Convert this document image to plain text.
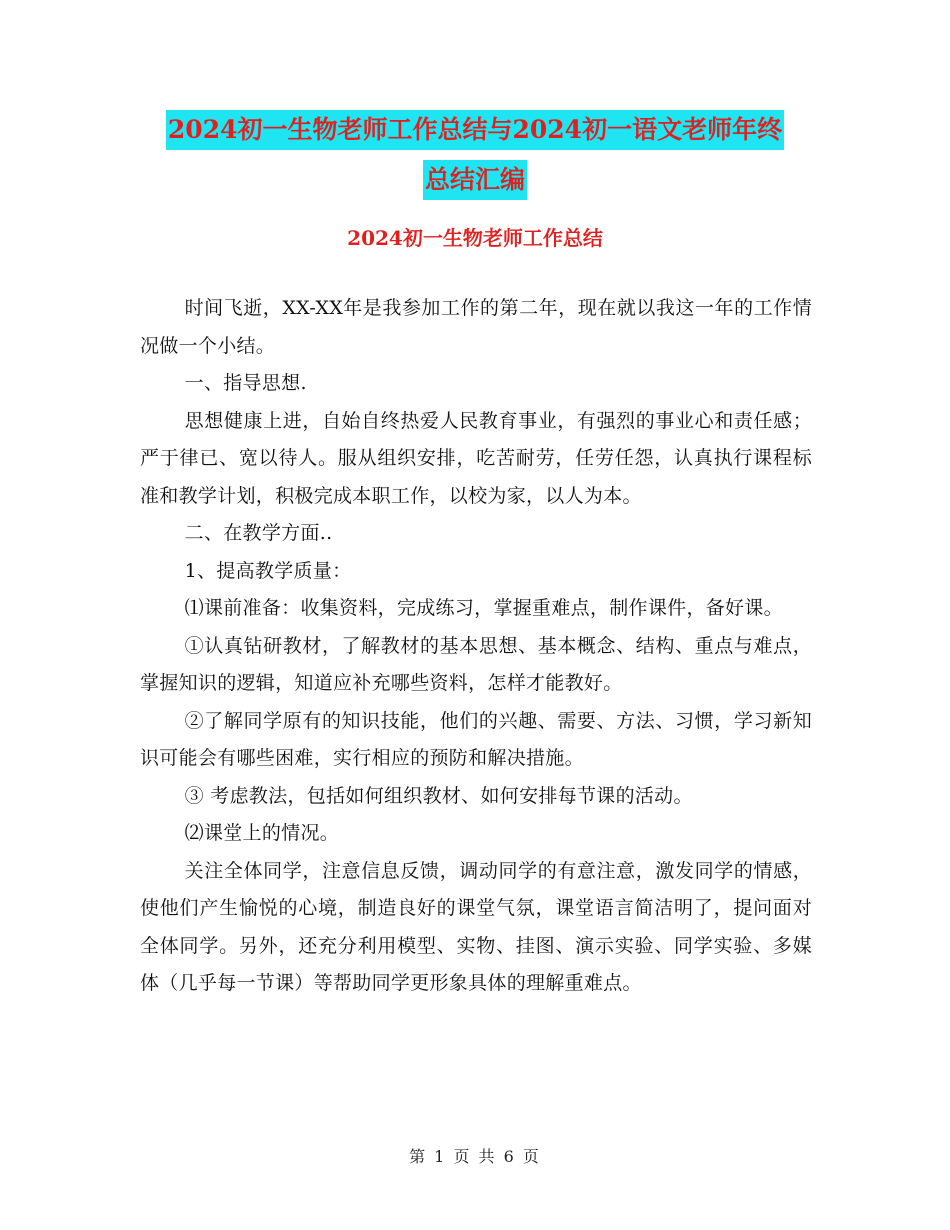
2024初一生物老师工作总结与2024初一语文老师年终
总结汇编
2024初一生物老师工作总结

时间飞逝，XX-XX年是我参加工作的第二年，现在就以我这一年的工作情况做一个小结。

一、指导思想.

思想健康上进，自始自终热爱人民教育事业，有强烈的事业心和责任感；严于律已、宽以待人。服从组织安排，吃苦耐劳，任劳任怨，认真执行课程标准和教学计划，积极完成本职工作，以校为家，以人为本。

二、在教学方面..

1、提高教学质量：

⑴课前准备：收集资料，完成练习，掌握重难点，制作课件，备好课。

①认真钻研教材，了解教材的基本思想、基本概念、结构、重点与难点，掌握知识的逻辑，知道应补充哪些资料，怎样才能教好。

②了解同学原有的知识技能，他们的兴趣、需要、方法、习惯，学习新知识可能会有哪些困难，实行相应的预防和解决措施。

③ 考虑教法，包括如何组织教材、如何安排每节课的活动。

⑵课堂上的情况。

关注全体同学，注意信息反馈，调动同学的有意注意，激发同学的情感，使他们产生愉悦的心境，制造良好的课堂气氛，课堂语言简洁明了，提问面对全体同学。另外，还充分利用模型、实物、挂图、演示实验、同学实验、多媒体（几乎每一节课）等帮助同学更形象具体的理解重难点。

第 1 页 共 6 页
